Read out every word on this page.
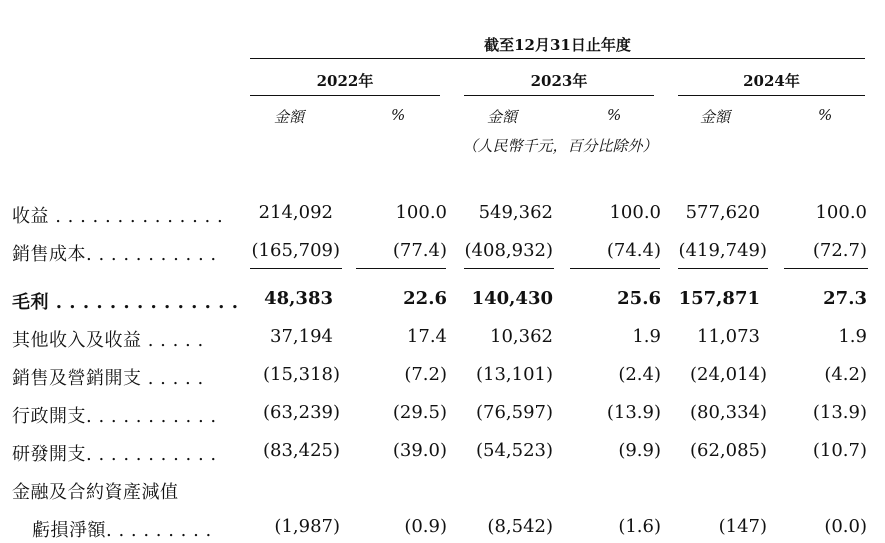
截至12月31日止年度
2022年	2023年	2024年
金額	%	金額	%	金額	%
（人民幣千元，百分比除外）
收益 . . . . . . . . . . . . . . 214,092	100.0 549,362	100.0 577,620	100.0
銷售成本. . . . . . . . . . . (165,709)	(77.4) (408,932)	(74.4) (419,749)	(72.7)
毛利 . . . . . . . . . . . . . . 48,383	22.6 140,430	25.6 157,871	27.3
其他收入及收益 . . . . .	37,194	17.4 10,362	1.9 11,073	1.9
銷售及營銷開支 . . . . .	(15,318)	(7.2) (13,101)	(2.4) (24,014)	(4.2)
行政開支. . . . . . . . . . .	(63,239)	(29.5) (76,597)	(13.9) (80,334)	(13.9)
研發開支. . . . . . . . . . .	(83,425)	(39.0) (54,523)	(9.9) (62,085)	(10.7)
金融及合約資產減值
虧損淨額. . . . . . . . .	(1,987)	(0.9) (8,542)	(1.6)	(147)	(0.0)
